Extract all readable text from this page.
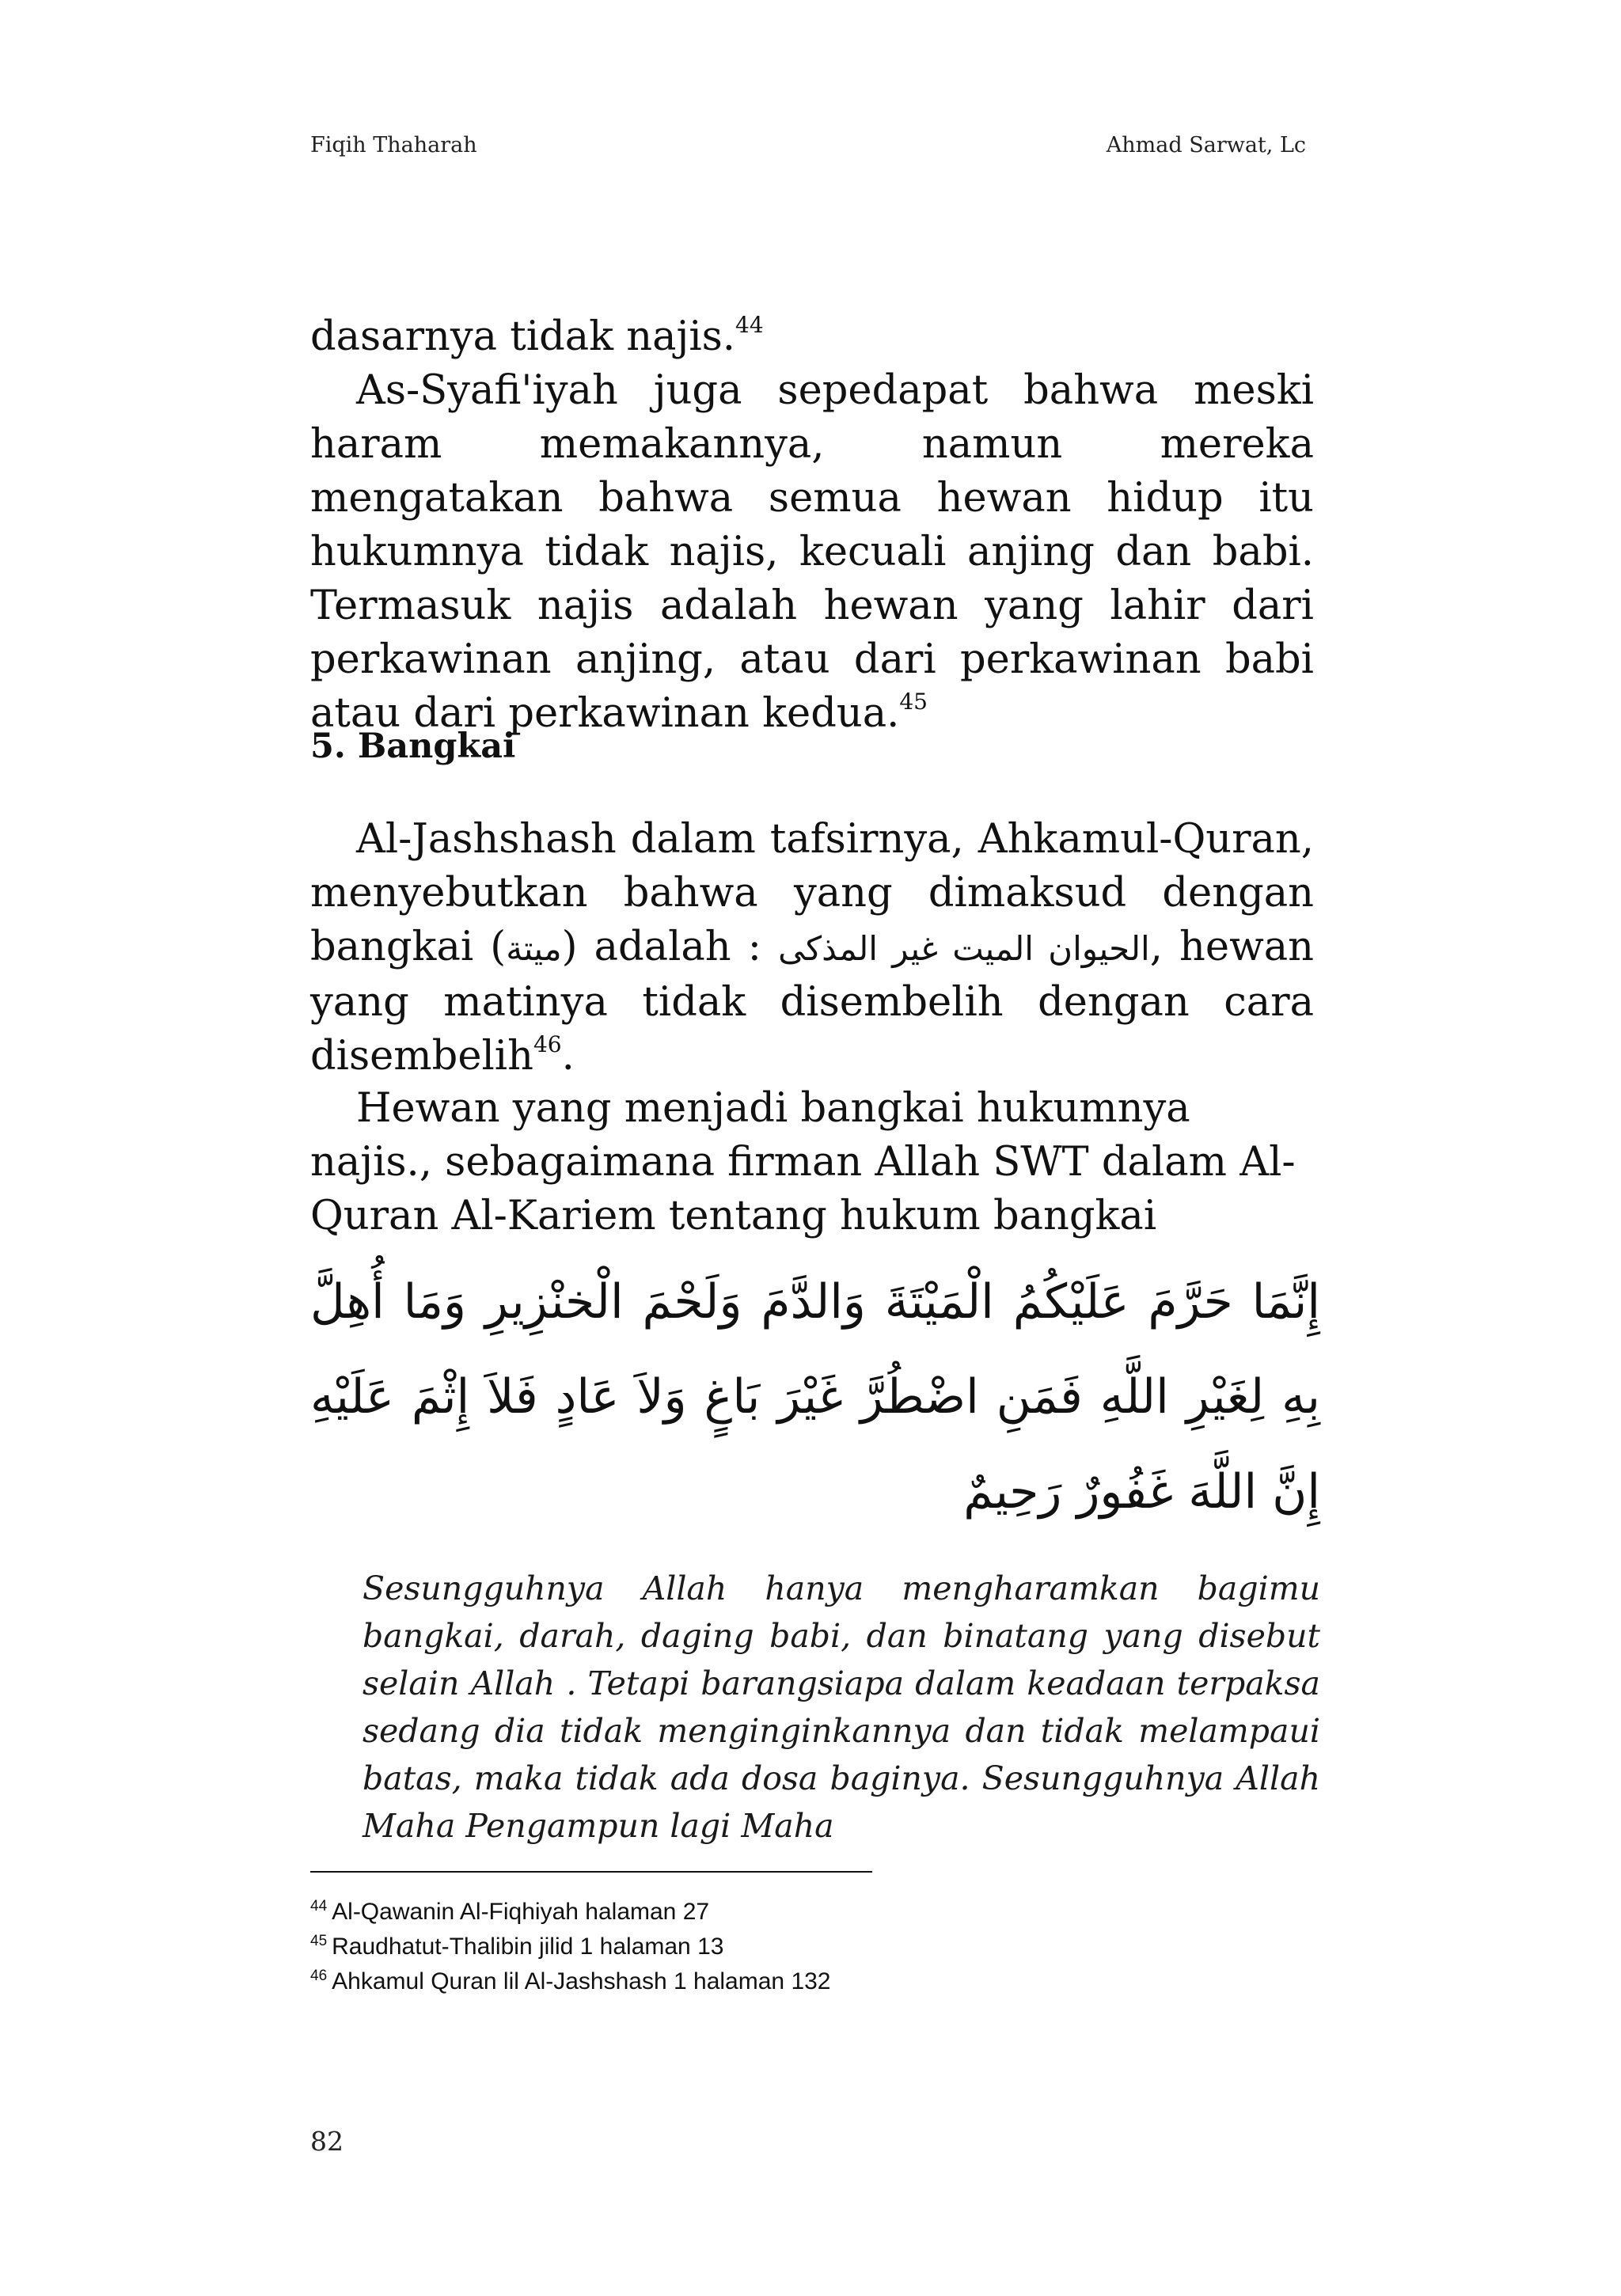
Fiqih Thaharah	Ahmad Sarwat, Lc

dasarnya tidak najis.$^{44}$

As-Syafi'iyah juga sepedapat bahwa meski haram memakannya, namun mereka mengatakan bahwa semua hewan hidup itu hukumnya tidak najis, kecuali anjing dan babi. Termasuk najis adalah hewan yang lahir dari perkawinan anjing, atau dari perkawinan babi atau dari perkawinan kedua.$^{45}$

5. Bangkai

Al-Jashshash dalam tafsirnya, Ahkamul-Quran, menyebutkan bahwa yang dimaksud dengan bangkai (ميتة) adalah : الحيوان الميت غير المذكى, hewan yang matinya tidak disembelih dengan cara disembelih$^{46}$.

Hewan yang menjadi bangkai hukumnya najis., sebagaimana firman Allah SWT dalam Al-Quran Al-Kariem tentang hukum bangkai

إِنَّمَا حَرَّمَ عَلَيْكُمُ الْمَيْتَةَ وَالدَّمَ وَلَحْمَ الْخنْزِيرِ وَمَا أُهِلَّ بِهِ لِغَيْرِ اللَّهِ فَمَنِ اضْطُرَّ غَيْرَ بَاغٍ وَلاَ عَادٍ فَلاَ إِثْمَ عَلَيْهِ إِنَّ اللَّهَ غَفُورٌ رَحِيمٌ

Sesungguhnya Allah hanya mengharamkan bagimu bangkai, darah, daging babi, dan binatang yang disebut selain Allah . Tetapi barangsiapa dalam keadaan terpaksa sedang dia tidak menginginkannya dan tidak melampaui batas, maka tidak ada dosa baginya. Sesungguhnya Allah Maha Pengampun lagi Maha

$^{44}$ Al-Qawanin Al-Fiqhiyah halaman 27
$^{45}$ Raudhatut-Thalibin jilid 1 halaman 13
$^{46}$ Ahkamul Quran lil Al-Jashshash 1 halaman 132
82
